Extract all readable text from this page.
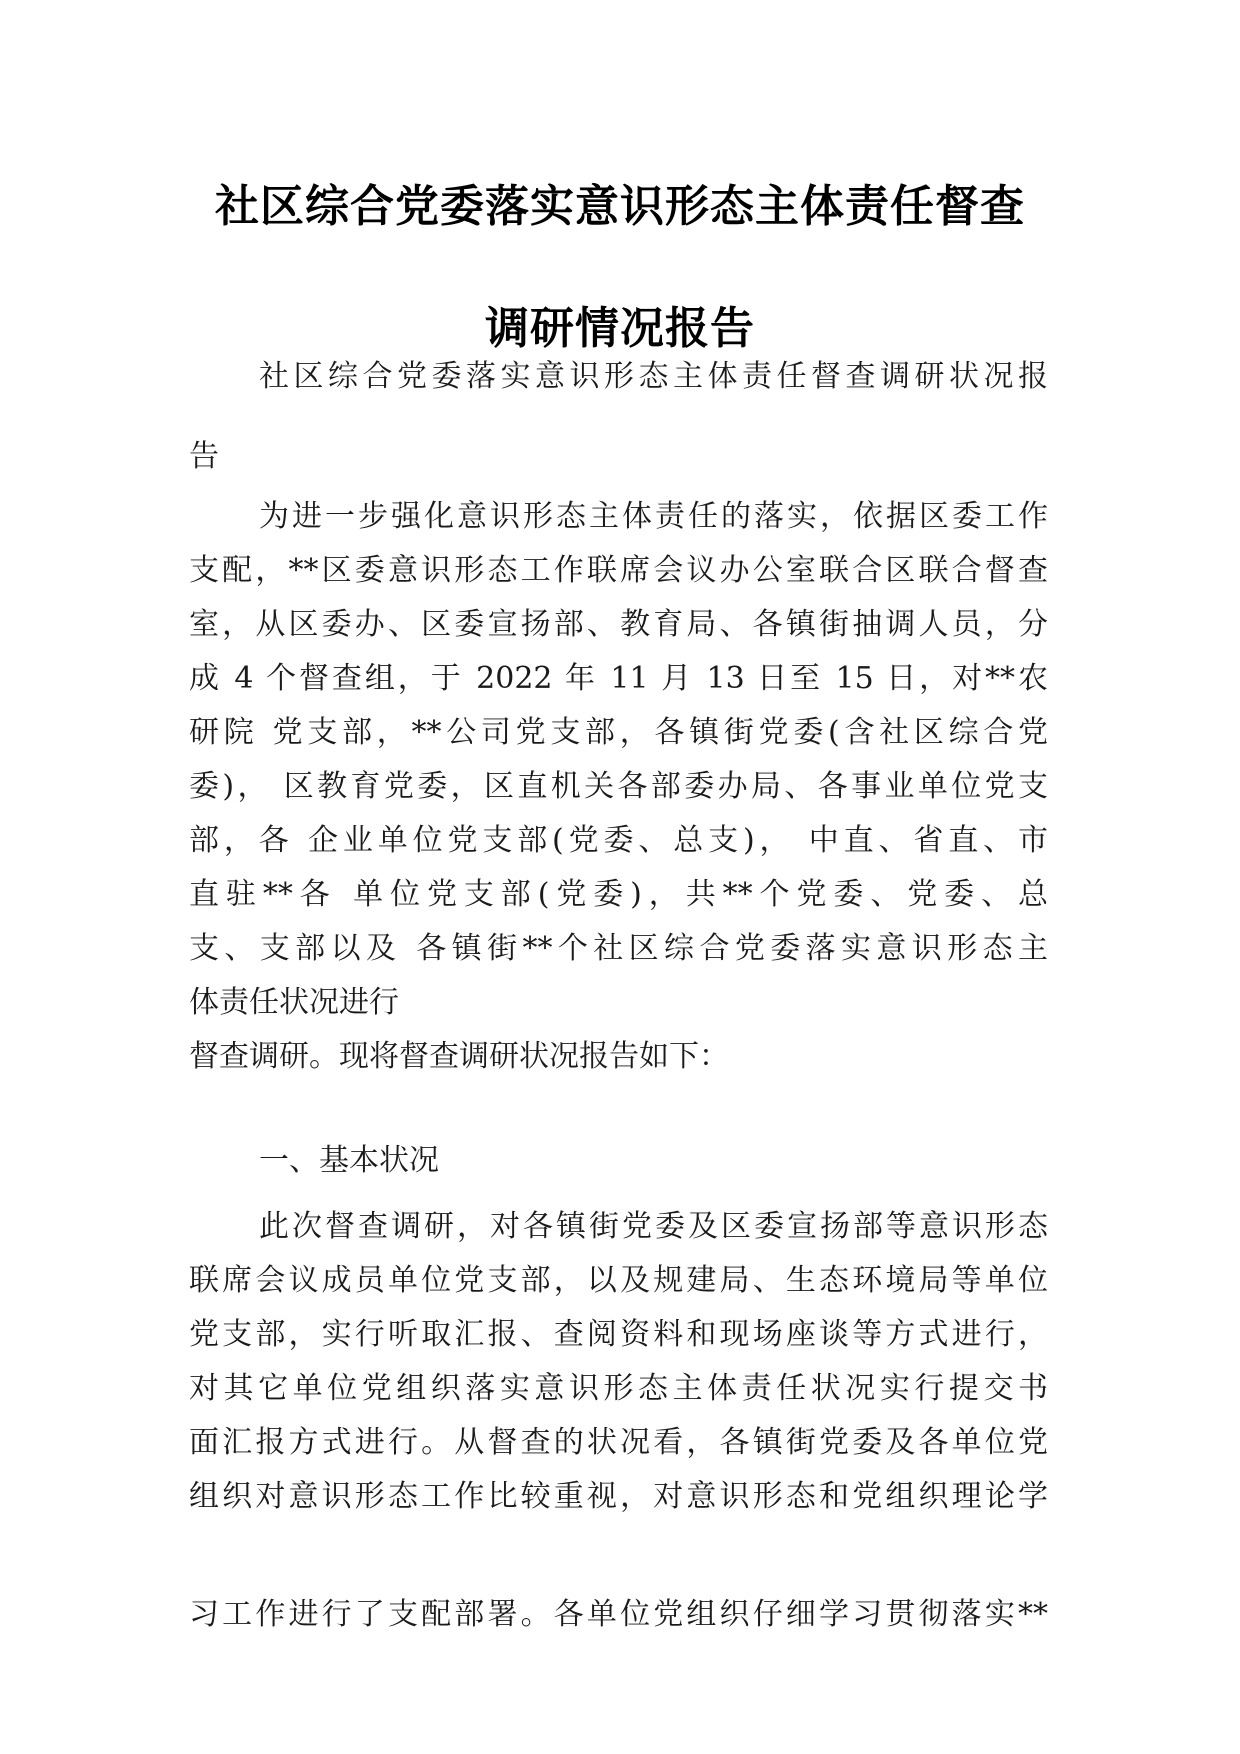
社区综合党委落实意识形态主体责任督查
调研情况报告
社区综合党委落实意识形态主体责任督查调研状况报
告
为进一步强化意识形态主体责任的落实，依据区委工作
支配，**区委意识形态工作联席会议办公室联合区联合督查
室，从区委办、区委宣扬部、教育局、各镇街抽调人员，分
成 4 个督查组，于 2022 年 11 月 13 日至 15 日，对**农
研院 党支部，**公司党支部，各镇街党委(含社区综合党
委)， 区教育党委，区直机关各部委办局、各事业单位党支
部，各 企业单位党支部(党委、总支)， 中直、省直、市
直驻**各 单位党支部(党委)，共**个党委、党委、总
支、支部以及 各镇街**个社区综合党委落实意识形态主
体责任状况进行
督查调研。现将督查调研状况报告如下：
一、基本状况
此次督查调研，对各镇街党委及区委宣扬部等意识形态
联席会议成员单位党支部，以及规建局、生态环境局等单位
党支部，实行听取汇报、查阅资料和现场座谈等方式进行，
对其它单位党组织落实意识形态主体责任状况实行提交书
面汇报方式进行。从督查的状况看，各镇街党委及各单位党
组织对意识形态工作比较重视，对意识形态和党组织理论学
习工作进行了支配部署。各单位党组织仔细学习贯彻落实**
